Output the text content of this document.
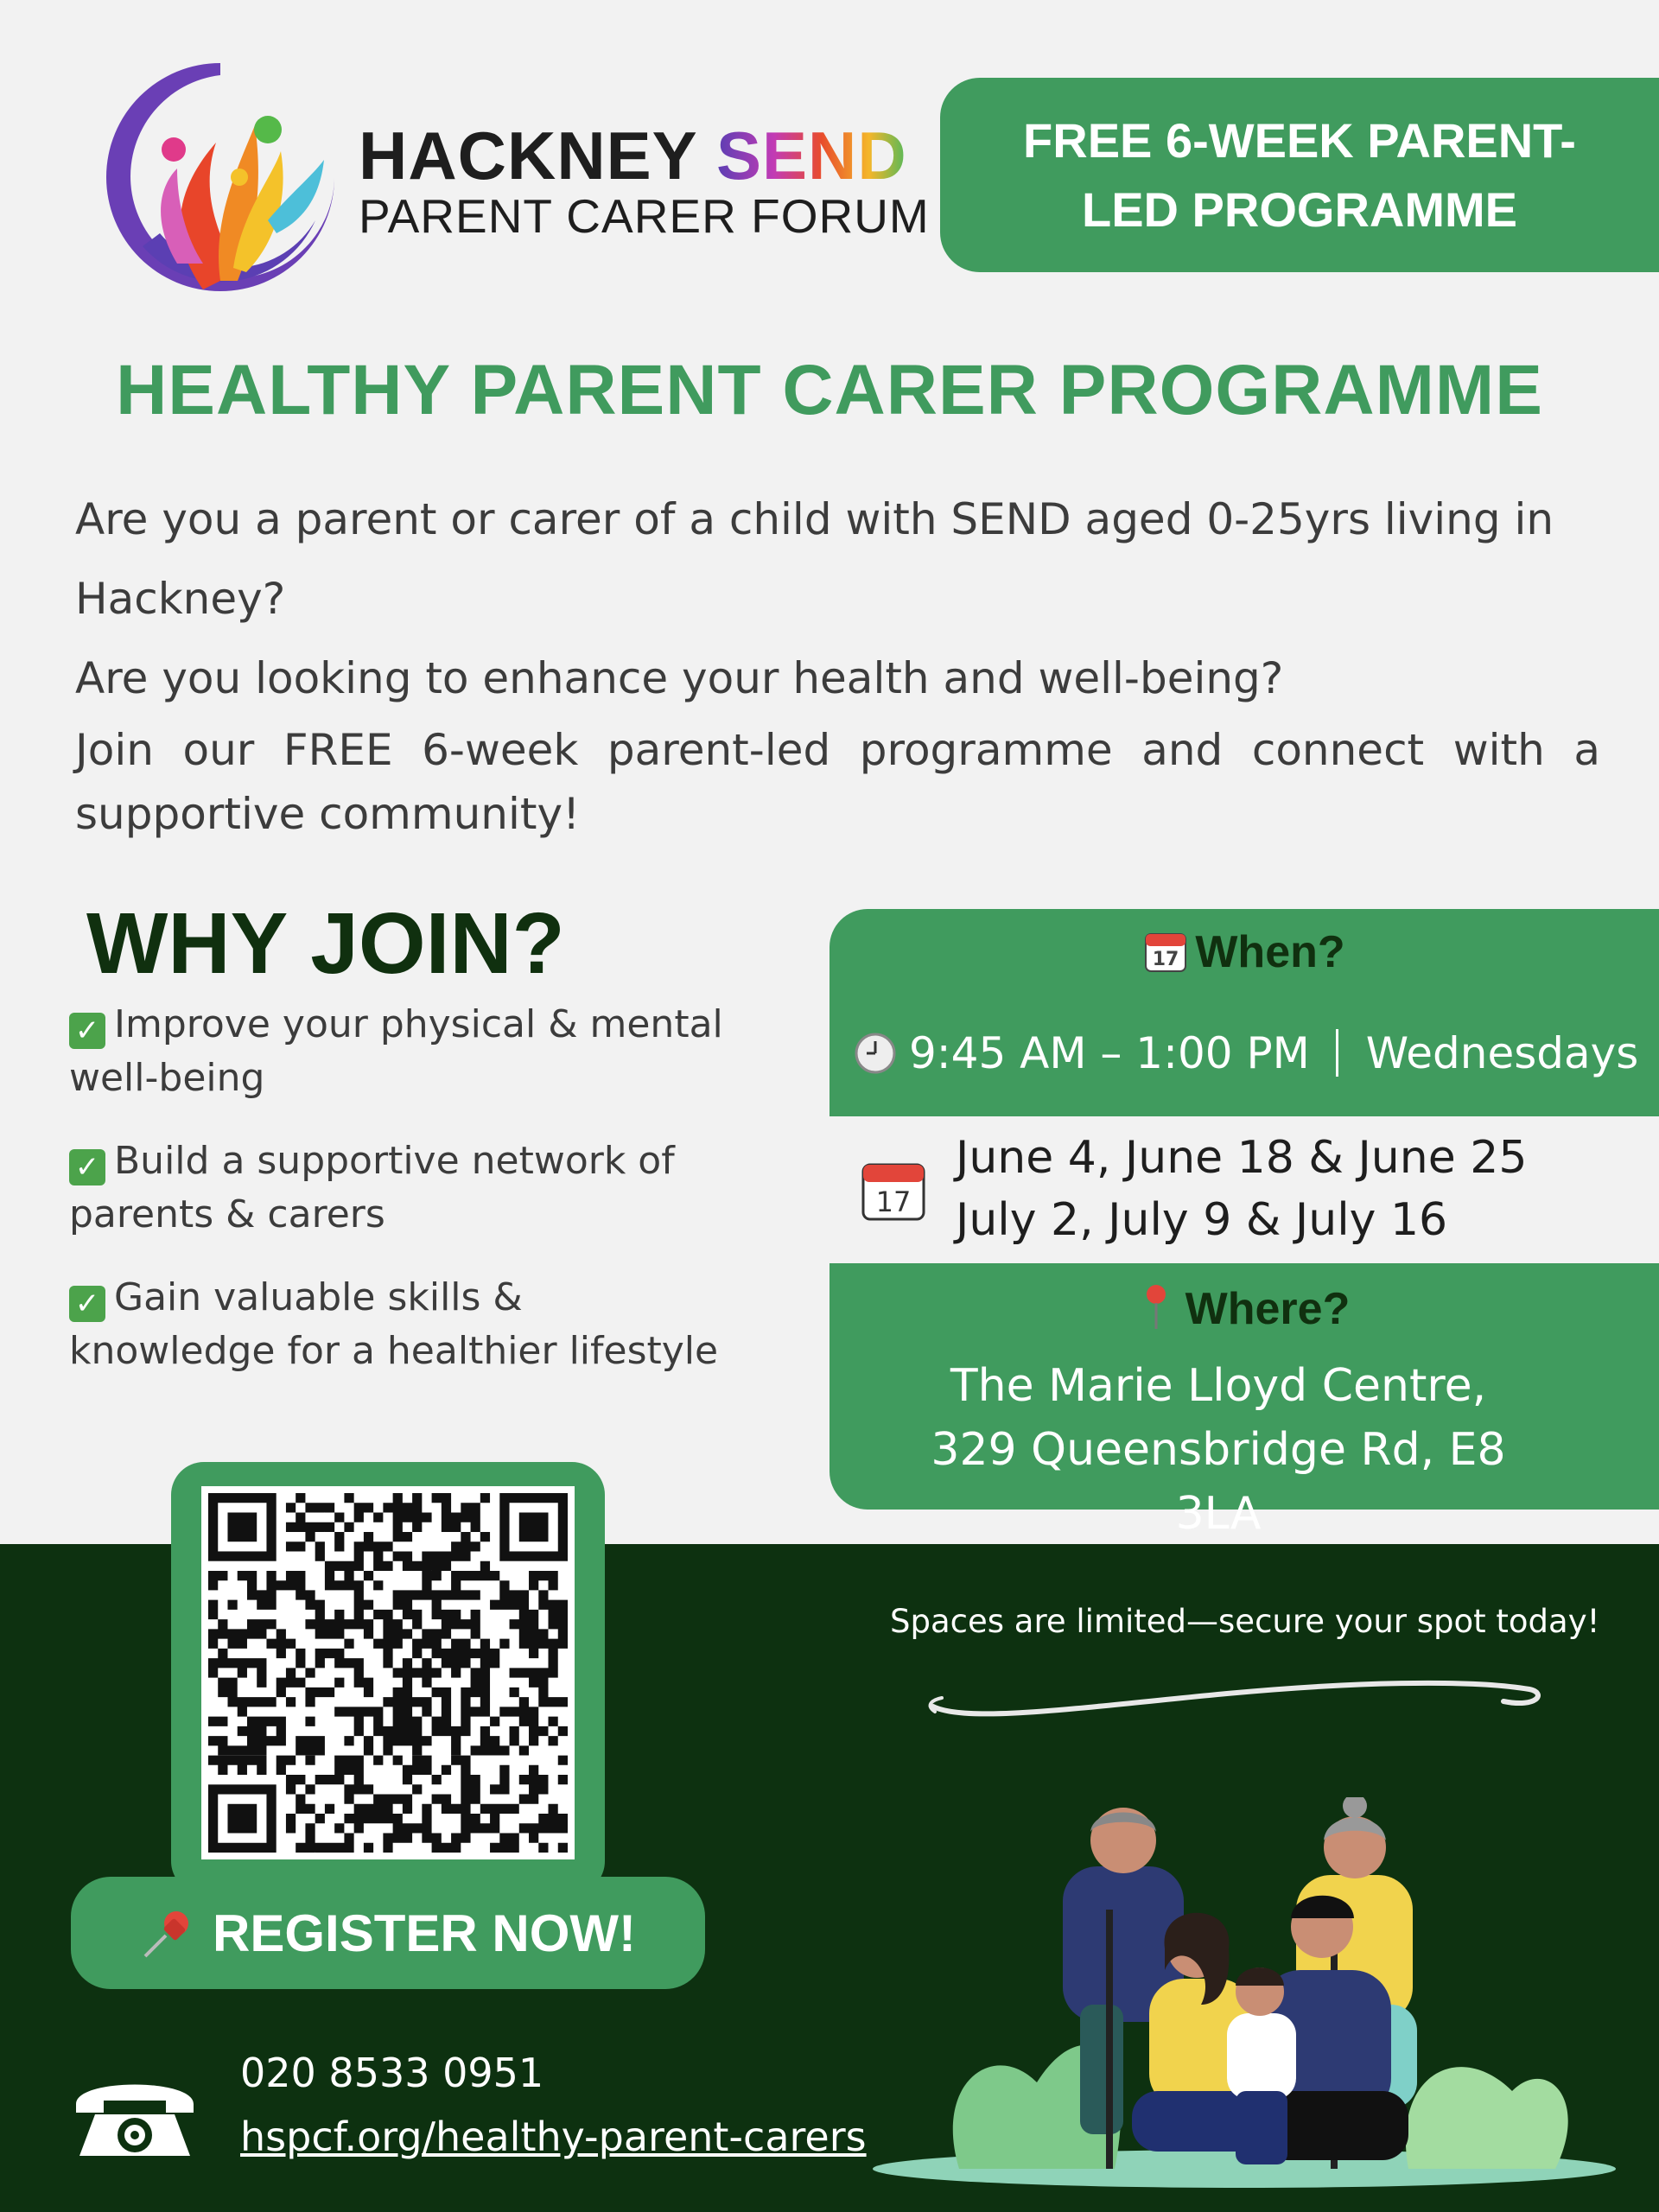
HACKNEY SEND
PARENT CARER FORUM
FREE 6-WEEK PARENT-LED PROGRAMME
HEALTHY PARENT CARER PROGRAMME

Are you a parent or carer of a child with SEND aged 0-25yrs living in Hackney?

Are you looking to enhance your health and well-being?

Join our FREE 6-week parent-led programme and connect with a supportive community!

WHY JOIN?
✓ Improve your physical & mental well-being
✓ Build a supportive network of parents & carers
✓ Gain valuable skills & knowledge for a healthier lifestyle
17 When?
9:45 AM – 1:00 PM Wednesdays
17
June 4, June 18 & June 25
July 2, July 9 & July 16
Where?
The Marie Lloyd Centre, 329 Queensbridge Rd, E8 3LA
REGISTER NOW!
020 8533 0951
hspcf.org/healthy-parent-carers
Spaces are limited—secure your spot today!
